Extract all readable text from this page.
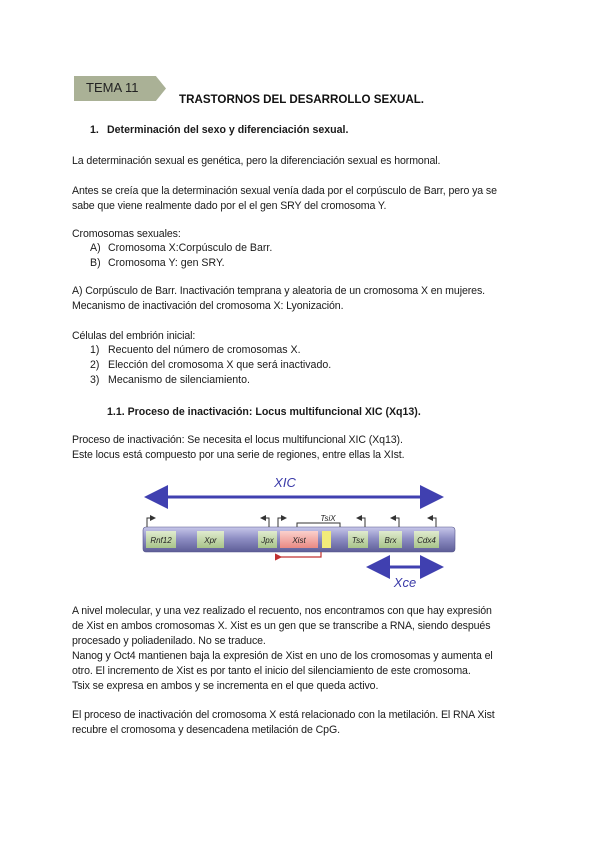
TEMA 11
TRASTORNOS DEL DESARROLLO SEXUAL.
1. Determinación del sexo y diferenciación sexual.

La determinación sexual es genética, pero la diferenciación sexual es hormonal.

Antes se creía que la determinación sexual venía dada por el corpúsculo de Barr, pero ya se

sabe que viene realmente dado por el el gen SRY del cromosoma Y.

Cromosomas sexuales:

A) Cromosoma X:Corpúsculo de Barr.
B) Cromosoma Y: gen SRY.

A) Corpúsculo de Barr. Inactivación temprana y aleatoria de un cromosoma X en mujeres.

Mecanismo de inactivación del cromosoma X: Lyonización.

Células del embrión inicial:

1) Recuento del número de cromosomas X.
2) Elección del cromosoma X que será inactivado.
3) Mecanismo de silenciamiento.
1.1. Proceso de inactivación: Locus multifuncional XIC (Xq13).

Proceso de inactivación: Se necesita el locus multifuncional XIC (Xq13).

Este locus está compuesto por una serie de regiones, entre ellas la XIst.

XIC
Rnf12	Xpr	Jpx Xist	Tsx	Brx	Cdx4
TsiX
Xce

A nivel molecular, y una vez realizado el recuento, nos encontramos con que hay expresión

de Xist en ambos cromosomas X. Xist es un gen que se transcribe a RNA, siendo después

procesado y poliadenilado. No se traduce.

Nanog y Oct4 mantienen baja la expresión de Xist en uno de los cromosomas y aumenta el

otro. El incremento de Xist es por tanto el inicio del silenciamiento de este cromosoma.

Tsix se expresa en ambos y se incrementa en el que queda activo.

El proceso de inactivación del cromosoma X está relacionado con la metilación. El RNA Xist

recubre el cromosoma y desencadena metilación de CpG.
